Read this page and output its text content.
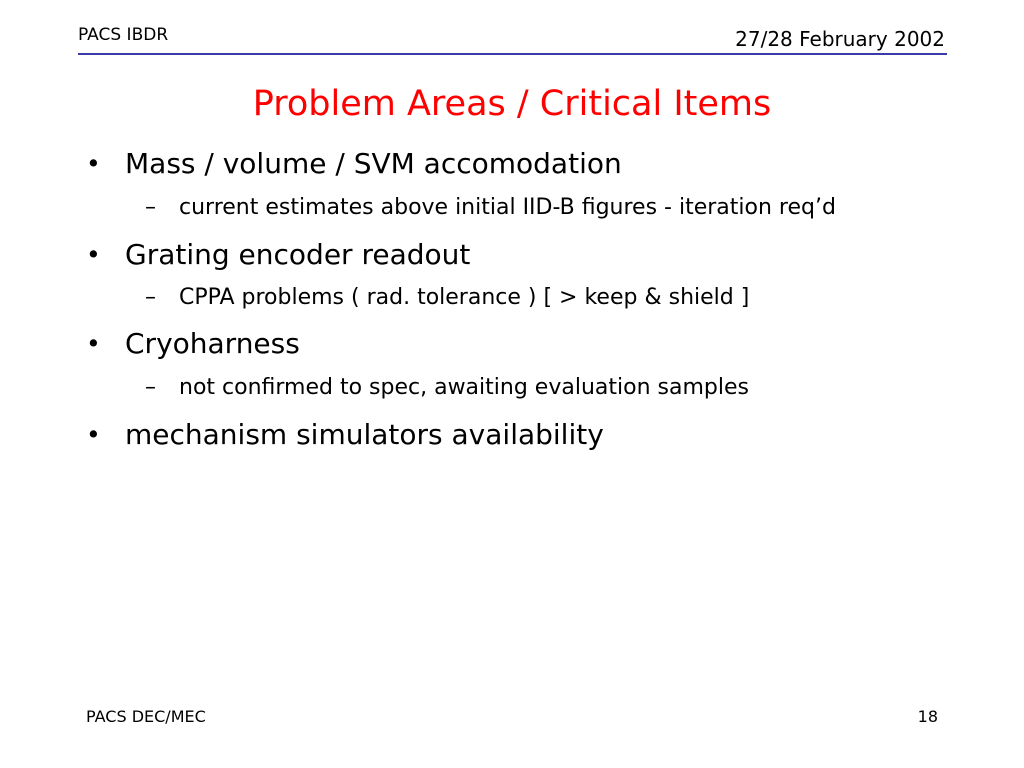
PACS IBDR	27/28 February 2002
Problem Areas / Critical Items
• Mass / volume / SVM accomodation
– current estimates above initial IID-B figures - iteration req’d
• Grating encoder readout
– CPPA problems ( rad. tolerance ) [ > keep & shield ]
• Cryoharness
– not confirmed to spec, awaiting evaluation samples
• mechanism simulators availability
PACS DEC/MEC	18
